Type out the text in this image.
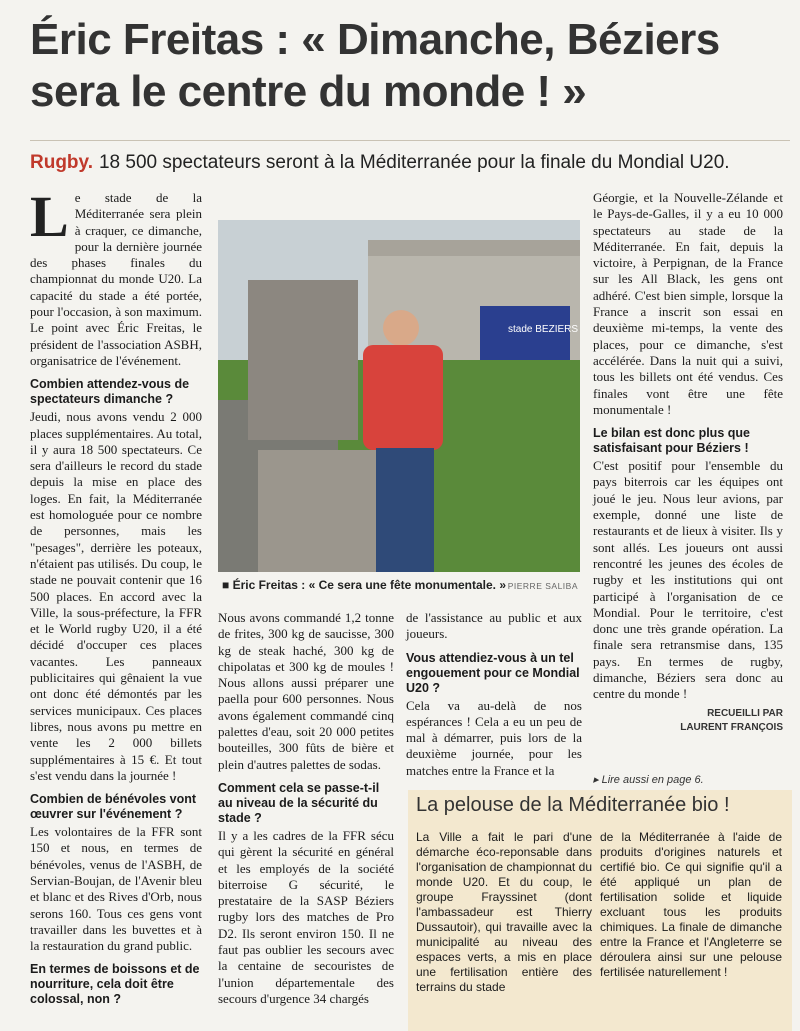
Éric Freitas : « Dimanche, Béziers sera le centre du monde ! »
Rugby. 18 500 spectateurs seront à la Méditerranée pour la finale du Mondial U20.
L e stade de la Méditerranée sera plein à craquer, ce dimanche, pour la dernière journée des phases finales du championnat du monde U20. La capacité du stade a été portée, pour l'occasion, à son maximum. Le point avec Éric Freitas, le président de l'association ASBH, organisatrice de l'événement.
Combien attendez-vous de spectateurs dimanche ?
Jeudi, nous avons vendu 2 000 places supplémentaires. Au total, il y aura 18 500 spectateurs. Ce sera d'ailleurs le record du stade depuis la mise en place des loges. En fait, la Méditerranée est homologuée pour ce nombre de personnes, mais les "pesages", derrière les poteaux, n'étaient pas utilisés. Du coup, le stade ne pouvait contenir que 16 500 places. En accord avec la Ville, la sous-préfecture, la FFR et le World rugby U20, il a été décidé d'occuper ces places vacantes. Les panneaux publicitaires qui gênaient la vue ont donc été démontés par les services municipaux. Ces places libres, nous avons pu mettre en vente les 2 000 billets supplémentaires à 15 €. Et tout s'est vendu dans la journée !
Combien de bénévoles vont œuvrer sur l'événement ?
Les volontaires de la FFR sont 150 et nous, en termes de bénévoles, venus de l'ASBH, de Servian-Boujan, de l'Avenir bleu et blanc et des Rives d'Orb, nous serons 160. Tous ces gens vont travailler dans les buvettes et à la restauration du grand public.
En termes de boissons et de nourriture, cela doit être colossal, non ?
stade BEZIERS
■ Éric Freitas : « Ce sera une fête monumentale. » PIERRE SALIBA
Nous avons commandé 1,2 tonne de frites, 300 kg de saucisse, 300 kg de steak haché, 300 kg de chipolatas et 300 kg de moules ! Nous allons aussi préparer une paella pour 600 personnes. Nous avons également commandé cinq palettes d'eau, soit 20 000 petites bouteilles, 300 fûts de bière et plein d'autres palettes de sodas.
Comment cela se passe-t-il au niveau de la sécurité du stade ?
Il y a les cadres de la FFR sécu qui gèrent la sécurité en général et les employés de la société biterroise G sécurité, le prestataire de la SASP Béziers rugby lors des matches de Pro D2. Ils seront environ 150. Il ne faut pas oublier les secours avec la centaine de secouristes de l'union départementale des secours d'urgence 34 chargés
de l'assistance au public et aux joueurs.
Vous attendiez-vous à un tel engouement pour ce Mondial U20 ?
Cela va au-delà de nos espérances ! Cela a eu un peu de mal à démarrer, puis lors de la deuxième journée, pour les matches entre la France et la
Géorgie, et la Nouvelle-Zélande et le Pays-de-Galles, il y a eu 10 000 spectateurs au stade de la Méditerranée. En fait, depuis la victoire, à Perpignan, de la France sur les All Black, les gens ont adhéré. C'est bien simple, lorsque la France a inscrit son essai en deuxième mi-temps, la vente des places, pour ce dimanche, s'est accélérée. Dans la nuit qui a suivi, tous les billets ont été vendus. Ces finales vont être une fête monumentale !
Le bilan est donc plus que satisfaisant pour Béziers !
C'est positif pour l'ensemble du pays biterrois car les équipes ont joué le jeu. Nous leur avions, par exemple, donné une liste de restaurants et de lieux à visiter. Ils y sont allés. Les joueurs ont aussi rencontré les jeunes des écoles de rugby et les institutions qui ont participé à l'organisation de ce Mondial. Pour le territoire, c'est donc une très grande opération. La finale sera retransmise dans, 135 pays. En termes de rugby, dimanche, Béziers sera donc au centre du monde !
RECUEILLI PAR
LAURENT FRANÇOIS
▸ Lire aussi en page 6.
La pelouse de la Méditerranée bio !
La Ville a fait le pari d'une démarche éco-reponsable dans l'organisation de championnat du monde U20. Et du coup, le groupe Frayssinet (dont l'ambassadeur est Thierry Dussautoir), qui travaille avec la municipalité au niveau des espaces verts, a mis en place une fertilisation entière des terrains du stade
de la Méditerranée à l'aide de produits d'origines naturels et certifié bio. Ce qui signifie qu'il a été appliqué un plan de fertilisation solide et liquide excluant tous les produits chimiques. La finale de dimanche entre la France et l'Angleterre se déroulera ainsi sur une pelouse fertilisée naturellement !
